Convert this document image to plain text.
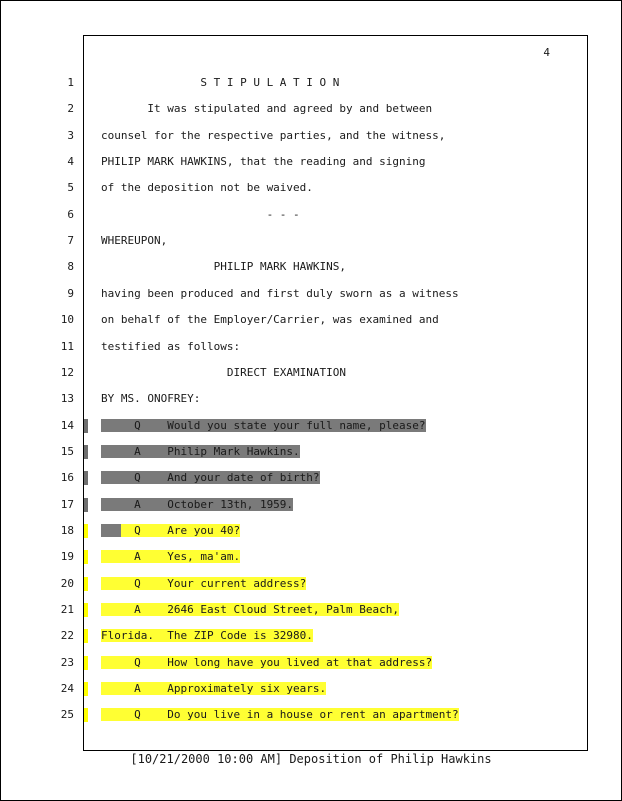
4
1 S T I P U L A T I O N
2 It was stipulated and agreed by and between
3 counsel for the respective parties, and the witness,
4 PHILIP MARK HAWKINS, that the reading and signing
5 of the deposition not be waived.
6 - - -
7 WHEREUPON,
8 PHILIP MARK HAWKINS,
9 having been produced and first duly sworn as a witness
10 on behalf of the Employer/Carrier, was examined and
11 testified as follows:
12 DIRECT EXAMINATION
13 BY MS. ONOFREY:
14 Q    Would you state your full name, please?
15 A    Philip Mark Hawkins.
16 Q    And your date of birth?
17 A    October 13th, 1959.
18	Q    Are you 40?
19 A    Yes, ma'am.
20 Q    Your current address?
21 A    2646 East Cloud Street, Palm Beach,
22 Florida.  The ZIP Code is 32980.
23 Q    How long have you lived at that address?
24 A    Approximately six years.
25 Q    Do you live in a house or rent an apartment?
[10/21/2000 10:00 AM] Deposition of Philip Hawkins
